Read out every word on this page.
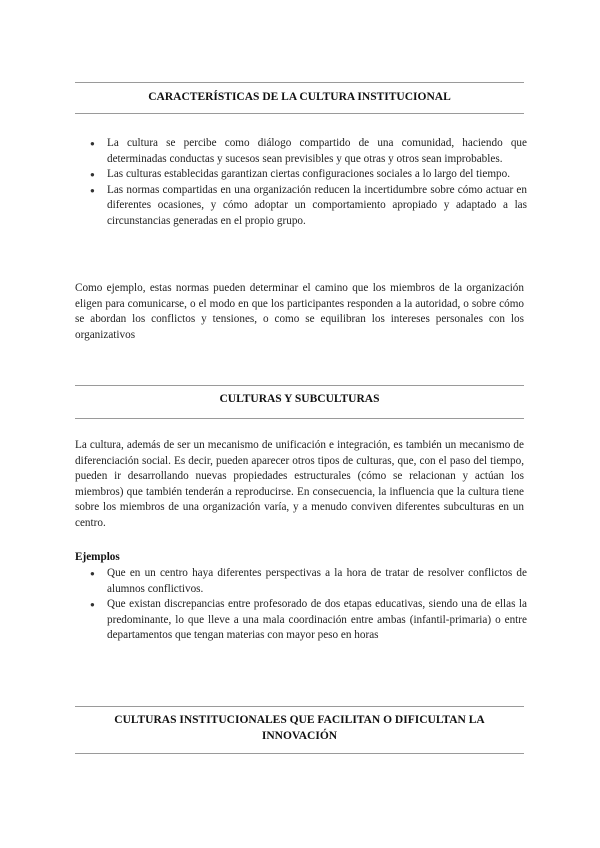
CARACTERÍSTICAS DE LA CULTURA INSTITUCIONAL
● La cultura se percibe como diálogo compartido de una comunidad, haciendo que determinadas conductas y sucesos sean previsibles y que otras y otros sean improbables.
● Las culturas establecidas garantizan ciertas configuraciones sociales a lo largo del tiempo.
● Las normas compartidas en una organización reducen la incertidumbre sobre cómo actuar en diferentes ocasiones, y cómo adoptar un comportamiento apropiado y adaptado a las circunstancias generadas en el propio grupo.

Como ejemplo, estas normas pueden determinar el camino que los miembros de la organización eligen para comunicarse, o el modo en que los participantes responden a la autoridad, o sobre cómo se abordan los conflictos y tensiones, o como se equilibran los intereses personales con los organizativos

CULTURAS Y SUBCULTURAS

La cultura, además de ser un mecanismo de unificación e integración, es también un mecanismo de diferenciación social. Es decir, pueden aparecer otros tipos de culturas, que, con el paso del tiempo, pueden ir desarrollando nuevas propiedades estructurales (cómo se relacionan y actúan los miembros) que también tenderán a reproducirse. En consecuencia, la influencia que la cultura tiene sobre los miembros de una organización varía, y a menudo conviven diferentes subculturas en un centro.

Ejemplos
● Que en un centro haya diferentes perspectivas a la hora de tratar de resolver conflictos de alumnos conflictivos.
● Que existan discrepancias entre profesorado de dos etapas educativas, siendo una de ellas la predominante, lo que lleve a una mala coordinación entre ambas (infantil-primaria) o entre departamentos que tengan materias con mayor peso en horas
CULTURAS INSTITUCIONALES QUE FACILITAN O DIFICULTAN LA INNOVACIÓN
